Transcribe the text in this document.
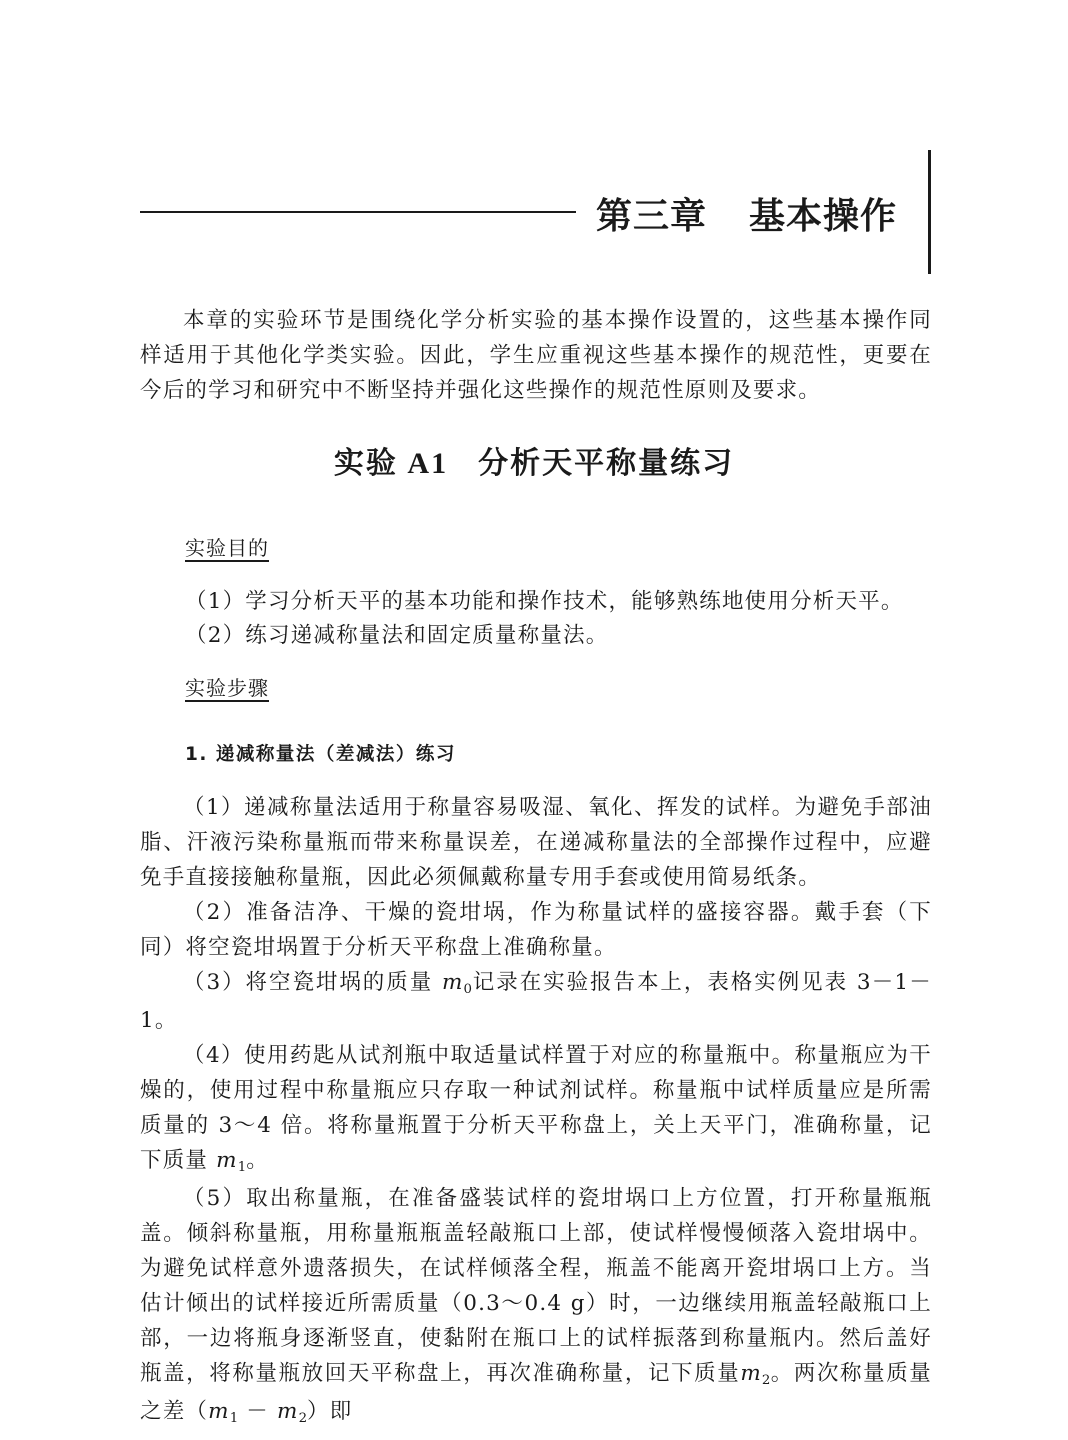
第三章 基本操作
本章的实验环节是围绕化学分析实验的基本操作设置的，这些基本操作同样适用于其他化学类实验。因此，学生应重视这些基本操作的规范性，更要在今后的学习和研究中不断坚持并强化这些操作的规范性原则及要求。
实验 A1 分析天平称量练习
实验目的
（1）学习分析天平的基本功能和操作技术，能够熟练地使用分析天平。
（2）练习递减称量法和固定质量称量法。
实验步骤
1. 递减称量法（差减法）练习

（1）递减称量法适用于称量容易吸湿、氧化、挥发的试样。为避免手部油脂、汗液污染称量瓶而带来称量误差，在递减称量法的全部操作过程中，应避免手直接接触称量瓶，因此必须佩戴称量专用手套或使用简易纸条。

（2）准备洁净、干燥的瓷坩埚，作为称量试样的盛接容器。戴手套（下同）将空瓷坩埚置于分析天平称盘上准确称量。

（3）将空瓷坩埚的质量 $m_0$记录在实验报告本上，表格实例见表 3－1－1。

（4）使用药匙从试剂瓶中取适量试样置于对应的称量瓶中。称量瓶应为干燥的，使用过程中称量瓶应只存取一种试剂试样。称量瓶中试样质量应是所需质量的 3～4 倍。将称量瓶置于分析天平称盘上，关上天平门，准确称量，记下质量 $m_1$。

（5）取出称量瓶，在准备盛装试样的瓷坩埚口上方位置，打开称量瓶瓶盖。倾斜称量瓶，用称量瓶瓶盖轻敲瓶口上部，使试样慢慢倾落入瓷坩埚中。为避免试样意外遗落损失，在试样倾落全程，瓶盖不能离开瓷坩埚口上方。当估计倾出的试样接近所需质量（0.3～0.4 g）时，一边继续用瓶盖轻敲瓶口上部，一边将瓶身逐渐竖直，使黏附在瓶口上的试样振落到称量瓶内。然后盖好瓶盖，将称量瓶放回天平称盘上，再次准确称量，记下质量$m_2$。两次称量质量之差$(m_1 - m_2)$即
